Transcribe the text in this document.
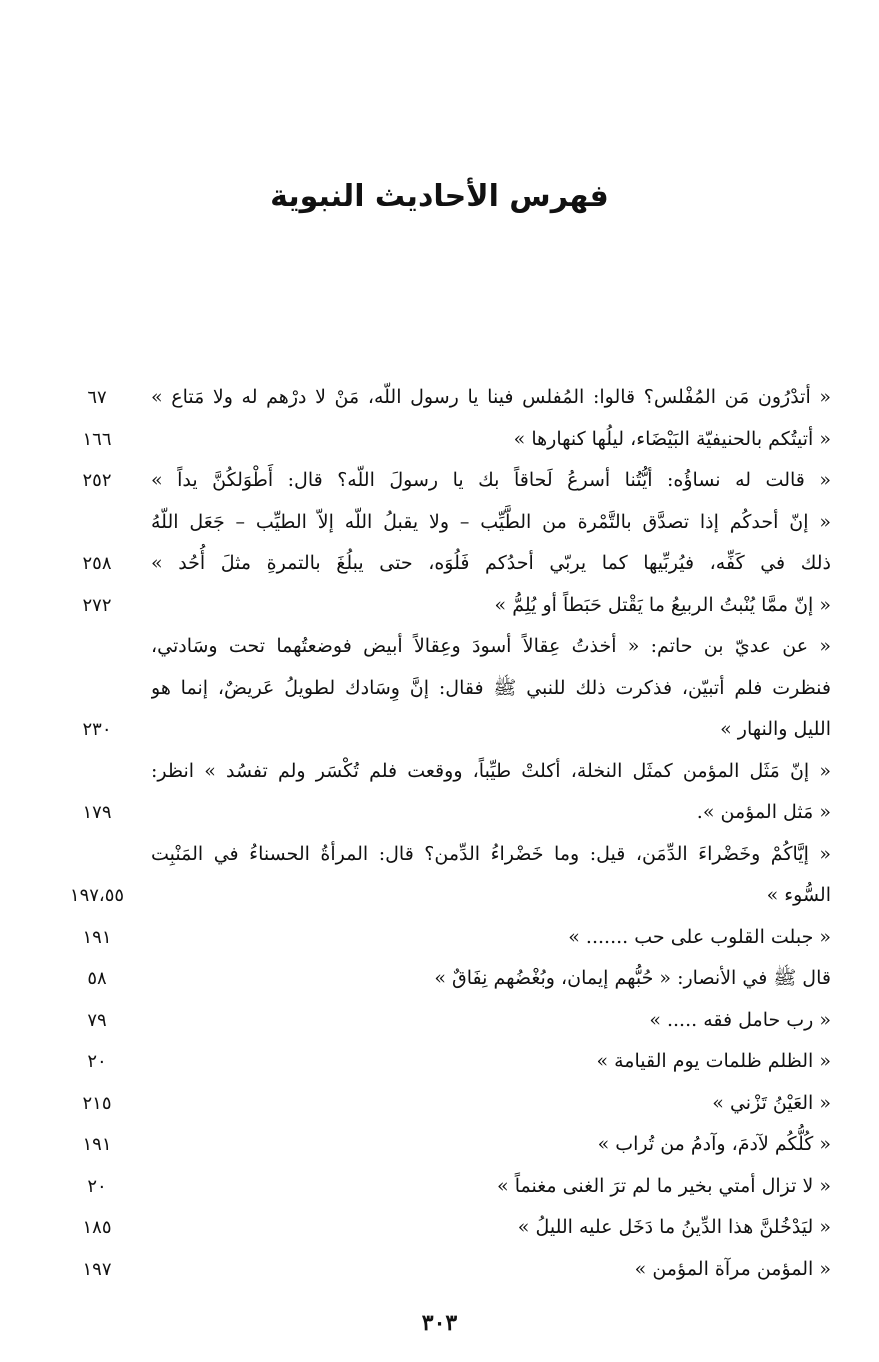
فهرس الأحاديث النبوية
« أتدْرُون مَن المُفْلس؟ قالوا: المُفلس فينا يا رسول اللّه، مَنْ لا درْهم له ولا مَتاع »
٦٧
« أتيتُكم بالحنيفيّة البَيْضَاء، ليلُها كنهارها »
١٦٦
« قالت له نساؤُه: أيُّتُنا أسرعُ لَحاقاً بك يا رسولَ اللّه؟ قال: أَطْوَلكُنَّ يداً »
٢٥٢
« إنّ أحدكُم إذا تصدَّق بالتَّمْرة من الطَّيِّب – ولا يقبلُ اللّه إلاّ الطيِّب – جَعَل اللّهُ
ذلك في كَفِّه، فيُربِّيها كما يربّي أحدُكم فَلُوَه، حتى يبلُغَ بالتمرةِ مثلَ أُحُد »
٢٥٨
« إنّ ممَّا يُنْبتُ الربيعُ ما يَقْتل حَبَطاً أو يُلِمُّ »
٢٧٢
« عن عديّ بن حاتم: « أخذتُ عِقالاً أسودَ وعِقالاً أبيض فوضعتُهما تحت وسَادتي،
فنظرت فلم أتبيّن، فذكرت ذلك للنبي ﷺ فقال: إنَّ وِسَادك لطويلُ عَريضٌ، إنما هو
الليل والنهار »
٢٣٠
« إنّ مَثَل المؤمن كمثَل النخلة، أكلتْ طيِّباً، ووقعت فلم تُكْسَر ولم تفسُد » انظر:
« مَثل المؤمن ».
١٧٩
« إيَّاكُمْ وخَضْراءَ الدِّمَن، قيل: وما خَضْراءُ الدِّمن؟ قال: المرأةُ الحسناءُ في المَنْبِت
السُّوء »
١٩٧،٥٥
« جبلت القلوب على حب ....... »
١٩١
قال ﷺ في الأنصار: « حُبُّهم إيمان، وبُغْضُهم نِفَاقٌ »
٥٨
« رب حامل فقه ..... »
٧٩
« الظلم ظلمات يوم القيامة »
٢٠
« العَيْنُ تَزْني »
٢١٥
« كُلُّكُم لآدمَ، وآدمُ من تُراب »
١٩١
« لا تزال أمتي بخير ما لم ترَ الغنى مغنماً »
٢٠
« ليَدْخُلنَّ هذا الدِّينُ ما دَخَل عليه الليلُ »
١٨٥
« المؤمن مرآة المؤمن »
١٩٧
٣٠٣
